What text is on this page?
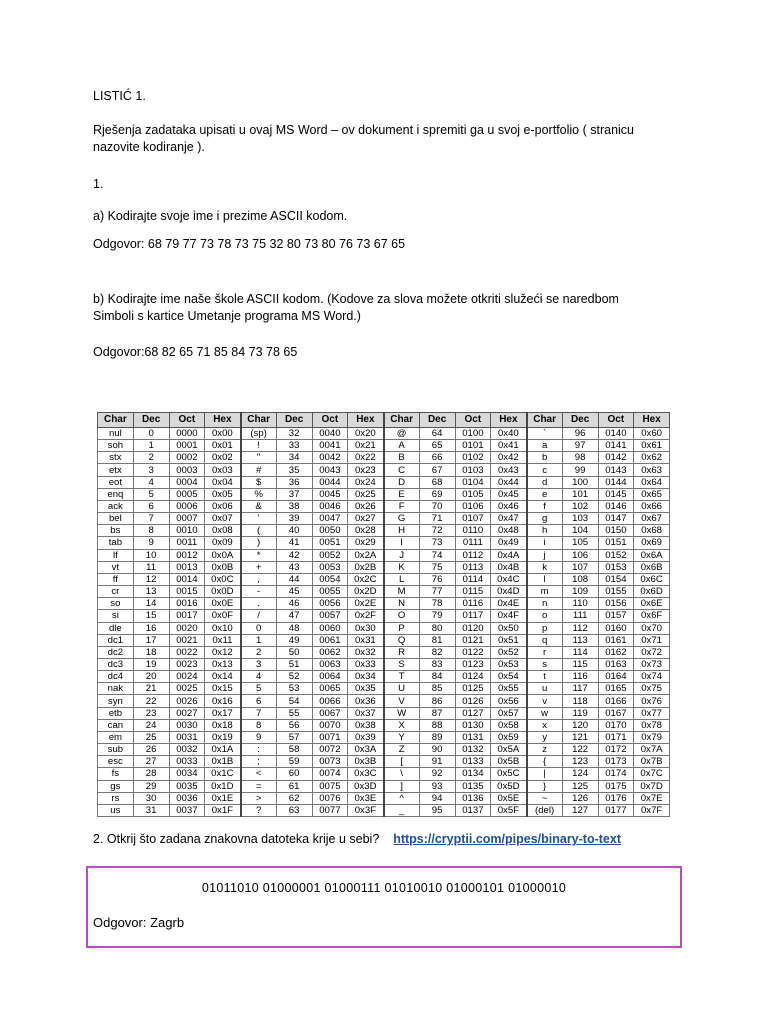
LISTIĆ 1.

Rješenja zadataka upisati u ovaj MS Word – ov dokument i spremiti ga u svoj e-portfolio ( stranicu

nazovite kodiranje ).

1.

a) Kodirajte svoje ime i prezime ASCII kodom.

Odgovor: 68 79 77 73 78 73 75 32 80 73 80 76 73 67 65

b) Kodirajte ime naše škole ASCII kodom. (Kodove za slova možete otkriti služeći se naredbom

Simboli s kartice Umetanje programa MS Word.)

Odgovor:68 82 65 71 85 84 73 78 65

Char	Dec	Oct	Hex	Char	Dec	Oct	Hex	Char	Dec	Oct	Hex	Char	Dec	Oct	Hex
nul	0	0000	0x00	(sp)	32	0040	0x20	@	64	0100	0x40	`	96	0140	0x60
soh	1	0001	0x01	!	33	0041	0x21	A	65	0101	0x41	a	97	0141	0x61
stx	2	0002	0x02	"	34	0042	0x22	B	66	0102	0x42	b	98	0142	0x62
etx	3	0003	0x03	#	35	0043	0x23	C	67	0103	0x43	c	99	0143	0x63
eot	4	0004	0x04	$	36	0044	0x24	D	68	0104	0x44	d	100	0144	0x64
enq	5	0005	0x05	%	37	0045	0x25	E	69	0105	0x45	e	101	0145	0x65
ack	6	0006	0x06	&	38	0046	0x26	F	70	0106	0x46	f	102	0146	0x66
bel	7	0007	0x07	'	39	0047	0x27	G	71	0107	0x47	g	103	0147	0x67
bs	8	0010	0x08	(	40	0050	0x28	H	72	0110	0x48	h	104	0150	0x68
tab	9	0011	0x09	)	41	0051	0x29	I	73	0111	0x49	i	105	0151	0x69
lf	10	0012	0x0A	*	42	0052	0x2A	J	74	0112	0x4A	j	106	0152	0x6A
vt	11	0013	0x0B	+	43	0053	0x2B	K	75	0113	0x4B	k	107	0153	0x6B
ff	12	0014	0x0C	,	44	0054	0x2C	L	76	0114	0x4C	l	108	0154	0x6C
cr	13	0015	0x0D	-	45	0055	0x2D	M	77	0115	0x4D	m	109	0155	0x6D
so	14	0016	0x0E	.	46	0056	0x2E	N	78	0116	0x4E	n	110	0156	0x6E
si	15	0017	0x0F	/	47	0057	0x2F	O	79	0117	0x4F	o	111	0157	0x6F
dle	16	0020	0x10	0	48	0060	0x30	P	80	0120	0x50	p	112	0160	0x70
dc1	17	0021	0x11	1	49	0061	0x31	Q	81	0121	0x51	q	113	0161	0x71
dc2	18	0022	0x12	2	50	0062	0x32	R	82	0122	0x52	r	114	0162	0x72
dc3	19	0023	0x13	3	51	0063	0x33	S	83	0123	0x53	s	115	0163	0x73
dc4	20	0024	0x14	4	52	0064	0x34	T	84	0124	0x54	t	116	0164	0x74
nak	21	0025	0x15	5	53	0065	0x35	U	85	0125	0x55	u	117	0165	0x75
syn	22	0026	0x16	6	54	0066	0x36	V	86	0126	0x56	v	118	0166	0x76
etb	23	0027	0x17	7	55	0067	0x37	W	87	0127	0x57	w	119	0167	0x77
can	24	0030	0x18	8	56	0070	0x38	X	88	0130	0x58	x	120	0170	0x78
em	25	0031	0x19	9	57	0071	0x39	Y	89	0131	0x59	y	121	0171	0x79
sub	26	0032	0x1A	:	58	0072	0x3A	Z	90	0132	0x5A	z	122	0172	0x7A
esc	27	0033	0x1B	;	59	0073	0x3B	[	91	0133	0x5B	{	123	0173	0x7B
fs	28	0034	0x1C	<	60	0074	0x3C	\	92	0134	0x5C	|	124	0174	0x7C
gs	29	0035	0x1D	=	61	0075	0x3D	]	93	0135	0x5D	}	125	0175	0x7D
rs	30	0036	0x1E	>	62	0076	0x3E	^	94	0136	0x5E	~	126	0176	0x7E
us	31	0037	0x1F	?	63	0077	0x3F	_	95	0137	0x5F	(del)	127	0177	0x7F

2. Otkrij što zadana znakovna datoteka krije u sebi? https://cryptii.com/pipes/binary-to-text

01011010 01000001 01000111 01010010 01000101 01000010
Odgovor: Zagrb
